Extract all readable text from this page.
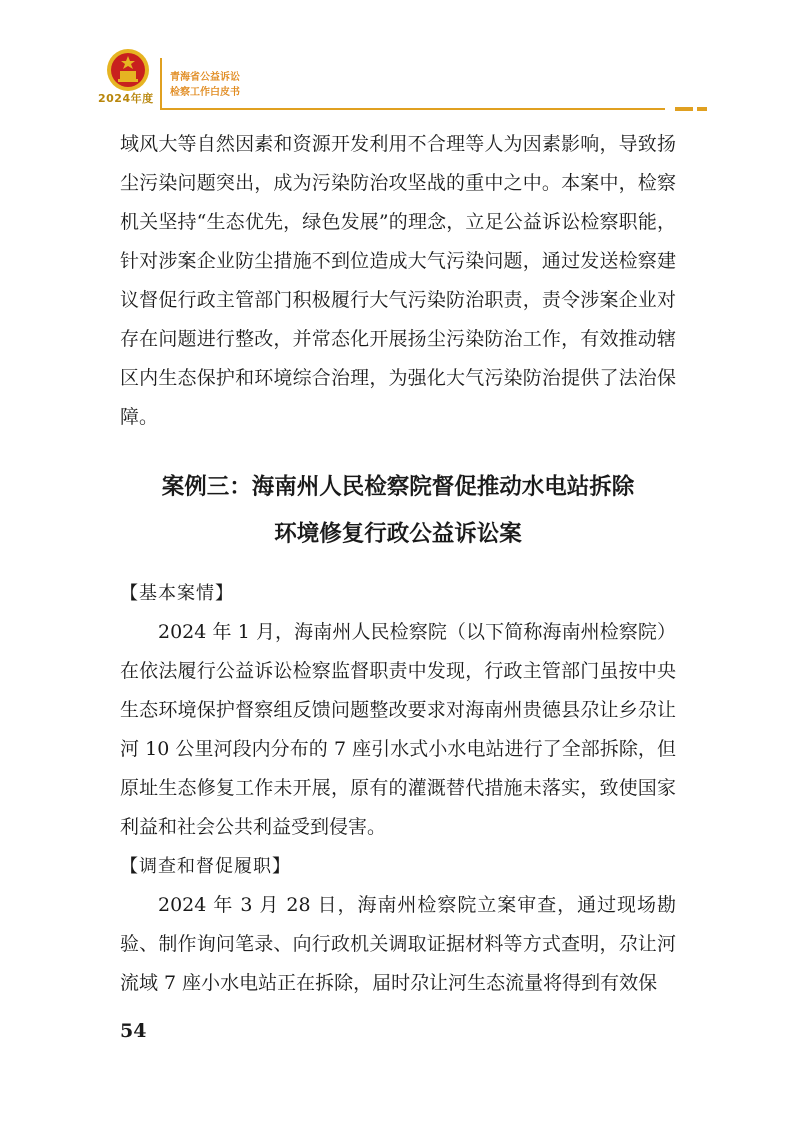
2024年度
青海省公益诉讼
检察工作白皮书

域风大等自然因素和资源开发利用不合理等人为因素影响，导致扬尘污染问题突出，成为污染防治攻坚战的重中之中。本案中，检察机关坚持“生态优先，绿色发展”的理念，立足公益诉讼检察职能，针对涉案企业防尘措施不到位造成大气污染问题，通过发送检察建议督促行政主管部门积极履行大气污染防治职责，责令涉案企业对存在问题进行整改，并常态化开展扬尘污染防治工作，有效推动辖区内生态保护和环境综合治理，为强化大气污染防治提供了法治保障。

案例三：海南州人民检察院督促推动水电站拆除
环境修复行政公益诉讼案

【基本案情】

2024 年 1 月，海南州人民检察院（以下简称海南州检察院）在依法履行公益诉讼检察监督职责中发现，行政主管部门虽按中央生态环境保护督察组反馈问题整改要求对海南州贵德县尕让乡尕让河 10 公里河段内分布的 7 座引水式小水电站进行了全部拆除，但原址生态修复工作未开展，原有的灌溉替代措施未落实，致使国家利益和社会公共利益受到侵害。

【调查和督促履职】

2024 年 3 月 28 日，海南州检察院立案审查，通过现场勘验、制作询问笔录、向行政机关调取证据材料等方式查明，尕让河流域 7 座小水电站正在拆除，届时尕让河生态流量将得到有效保

54
